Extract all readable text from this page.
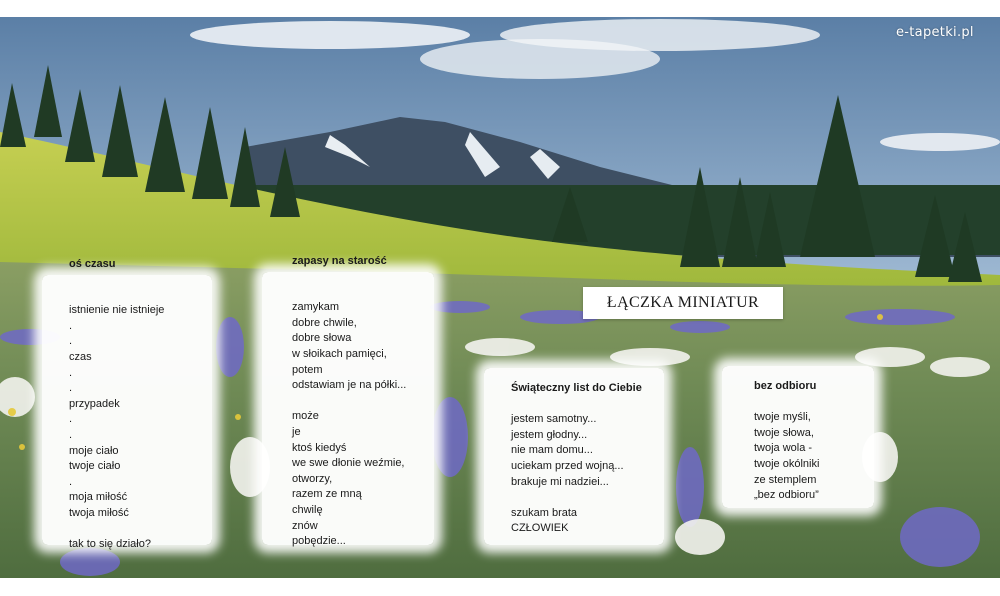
e-tapetki.pl
ŁĄCZKA MINIATUR
oś czasu
istnienie nie istnieje
.
.
czas
.
.
przypadek
.
.
moje ciało
twoje ciało
.
moja miłość
twoja miłość
tak to się działo?
zapasy na starość
zamykam
dobre chwile,
dobre słowa
w słoikach pamięci,
potem
odstawiam je na półki...
może
je
ktoś kiedyś
we swe dłonie weźmie,
otworzy,
razem ze mną
chwilę
znów
pobędzie...
Świąteczny list do Ciebie
jestem samotny...
jestem głodny...
nie mam domu...
uciekam przed wojną...
brakuje mi nadziei...
szukam brata
CZŁOWIEK
bez odbioru
twoje myśli,
twoje słowa,
twoja wola -
twoje okólniki
ze stemplem
„bez odbioru”
